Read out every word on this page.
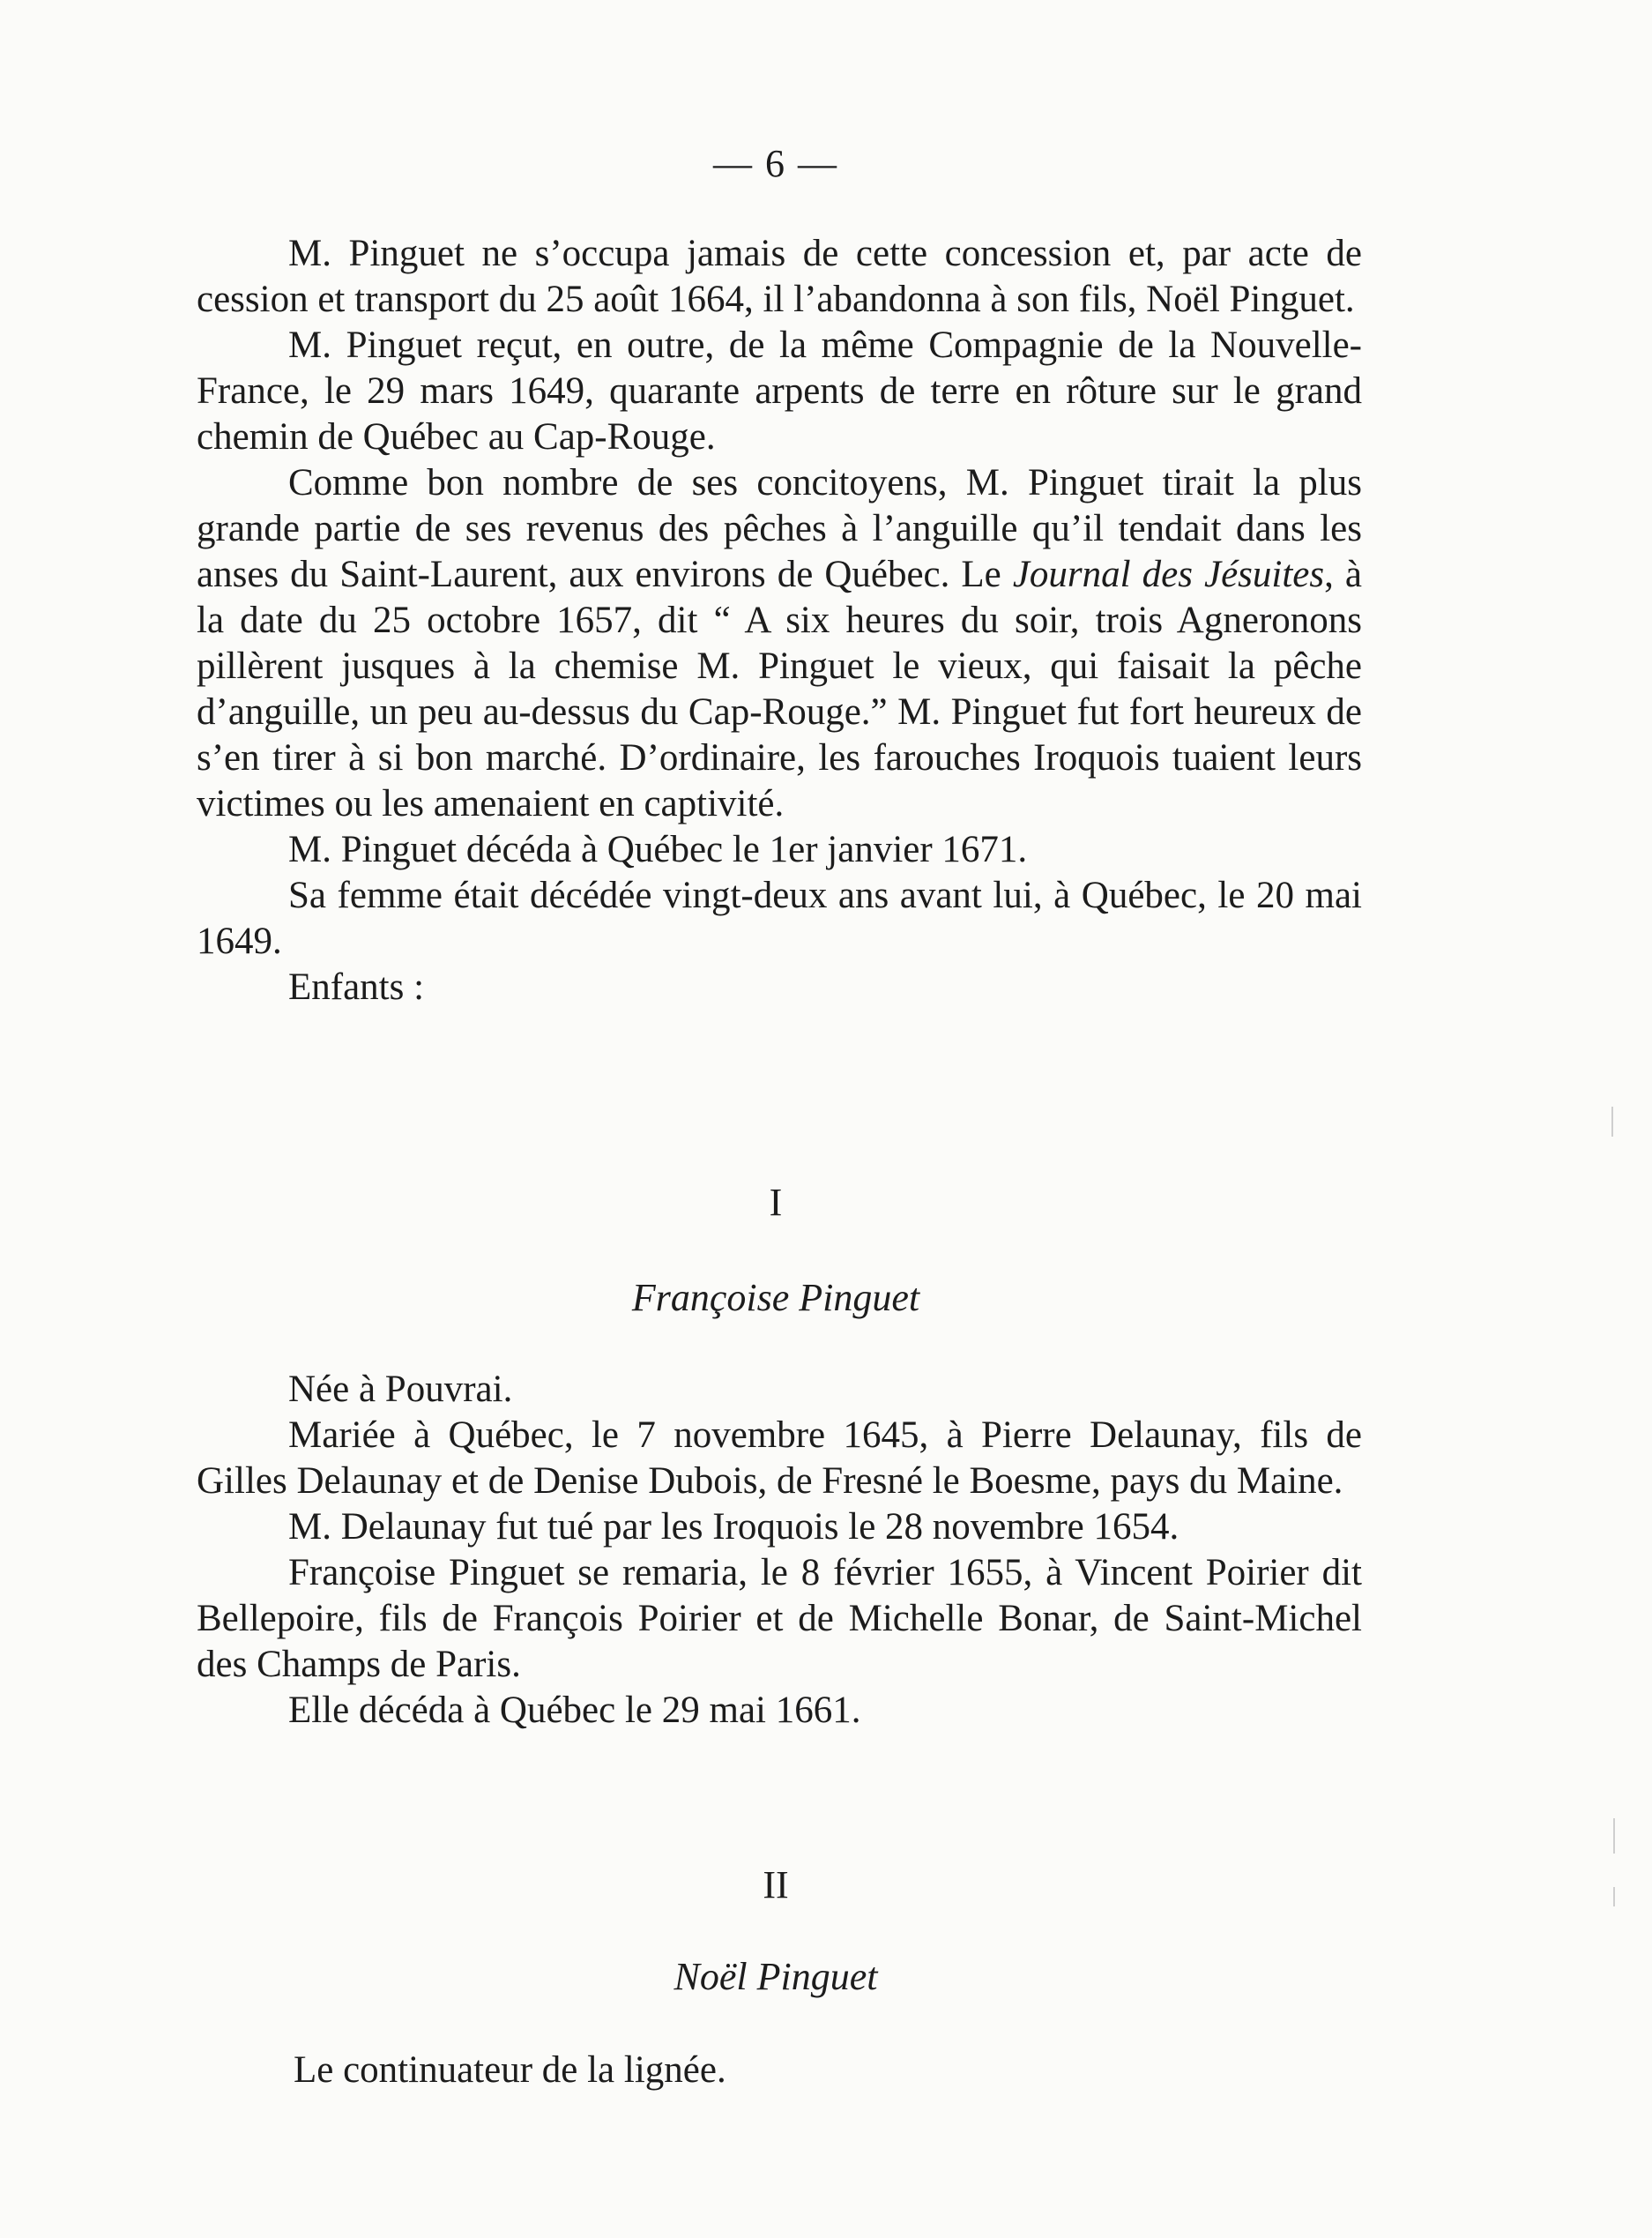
— 6 —

M. Pinguet ne s’occupa jamais de cette concession et, par acte de cession et transport du 25 août 1664, il l’abandonna à son fils, Noël Pinguet.

M. Pinguet reçut, en outre, de la même Compagnie de la Nouvelle-France, le 29 mars 1649, quarante arpents de terre en rôture sur le grand chemin de Québec au Cap-Rouge.

Comme bon nombre de ses concitoyens, M. Pinguet tirait la plus grande partie de ses revenus des pêches à l’anguille qu’il tendait dans les anses du Saint-Laurent, aux environs de Québec. Le Journal des Jésuites, à la date du 25 octobre 1657, dit “ A six heures du soir, trois Agneronons pillèrent jusques à la chemise M. Pinguet le vieux, qui faisait la pêche d’anguille, un peu au-dessus du Cap-Rouge.” M. Pinguet fut fort heureux de s’en tirer à si bon marché. D’ordinaire, les farouches Iroquois tuaient leurs victimes ou les amenaient en captivité.

M. Pinguet décéda à Québec le 1er janvier 1671.

Sa femme était décédée vingt-deux ans avant lui, à Québec, le 20 mai 1649.

Enfants :

I
Françoise Pinguet

Née à Pouvrai.

Mariée à Québec, le 7 novembre 1645, à Pierre Delaunay, fils de Gilles Delaunay et de Denise Dubois, de Fresné le Boesme, pays du Maine.

M. Delaunay fut tué par les Iroquois le 28 novembre 1654.

Françoise Pinguet se remaria, le 8 février 1655, à Vincent Poirier dit Bellepoire, fils de François Poirier et de Michelle Bonar, de Saint-Michel des Champs de Paris.

Elle décéda à Québec le 29 mai 1661.

II
Noël Pinguet

Le continuateur de la lignée.
